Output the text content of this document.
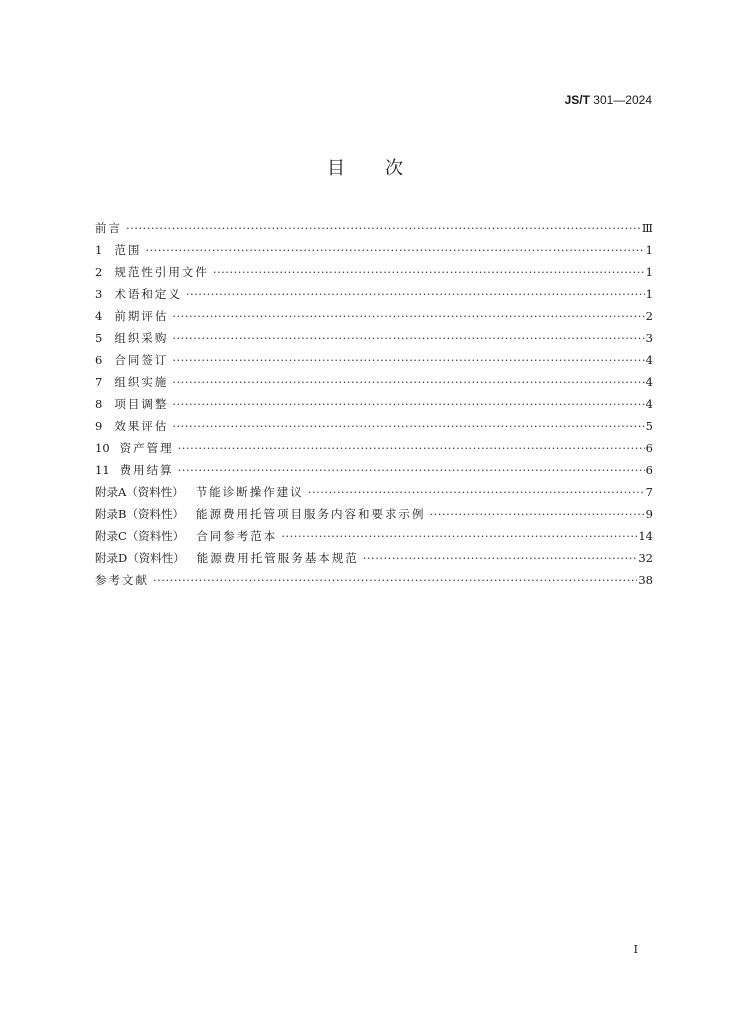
JS/T 301—2024
目 次
前言 ·····	Ⅲ
1 范围 ·····	1
2 规范性引用文件 ·····	1
3 术语和定义 ·····	1
4 前期评估 ·····	2
5 组织采购 ·····	3
6 合同签订 ·····	4
7 组织实施 ·····	4
8 项目调整 ·····	4
9 效果评估 ·····	5
10 资产管理 ·····	6
11 费用结算 ·····	6
附录A（资料性） 节能诊断操作建议 ·····	7
附录B（资料性） 能源费用托管项目服务内容和要求示例 ·····	9
附录C（资料性） 合同参考范本 ·····	14
附录D（资料性） 能源费用托管服务基本规范 ·····	32
参考文献 ·····	38
I
